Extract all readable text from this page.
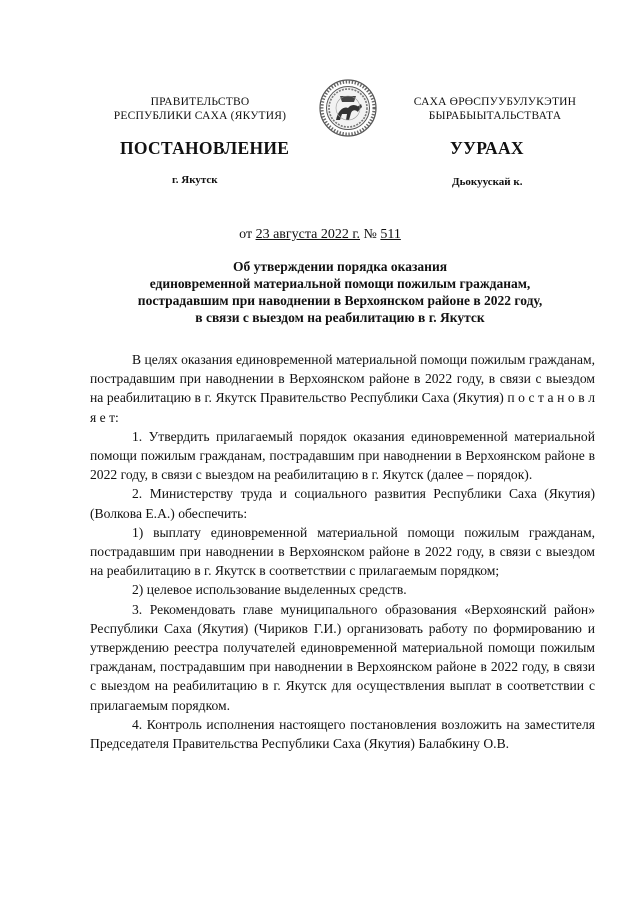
ПРАВИТЕЛЬСТВО
РЕСПУБЛИКИ САХА (ЯКУТИЯ)
САХА ӨРӨСПУУБУЛУКЭТИН
БЫРАБЫЫТАЛЬСТВАТА
ПОСТАНОВЛЕНИЕ	УУРААХ
г. Якутск	Дьокуускай к.
от 23 августа 2022 г. № 511
Об утверждении порядка оказания
единовременной материальной помощи пожилым гражданам,
пострадавшим при наводнении в Верхоянском районе в 2022 году,
в связи с выездом на реабилитацию в г. Якутск

В целях оказания единовременной материальной помощи пожилым гражданам, пострадавшим при наводнении в Верхоянском районе в 2022 году, в связи с выездом на реабилитацию в г. Якутск Правительство Республики Саха (Якутия) п о с т а н о в л я е т:

1. Утвердить прилагаемый порядок оказания единовременной материальной помощи пожилым гражданам, пострадавшим при наводнении в Верхоянском районе в 2022 году, в связи с выездом на реабилитацию в г. Якутск (далее – порядок).

2. Министерству труда и социального развития Республики Саха (Якутия) (Волкова Е.А.) обеспечить:

1) выплату единовременной материальной помощи пожилым гражданам, пострадавшим при наводнении в Верхоянском районе в 2022 году, в связи с выездом на реабилитацию в г. Якутск в соответствии с прилагаемым порядком;

2) целевое использование выделенных средств.

3. Рекомендовать главе муниципального образования «Верхоянский район» Республики Саха (Якутия) (Чириков Г.И.) организовать работу по формированию и утверждению реестра получателей единовременной материальной помощи пожилым гражданам, пострадавшим при наводнении в Верхоянском районе в 2022 году, в связи с выездом на реабилитацию в г. Якутск для осуществления выплат в соответствии с прилагаемым порядком.

4. Контроль исполнения настоящего постановления возложить на заместителя Председателя Правительства Республики Саха (Якутия) Балабкину О.В.
